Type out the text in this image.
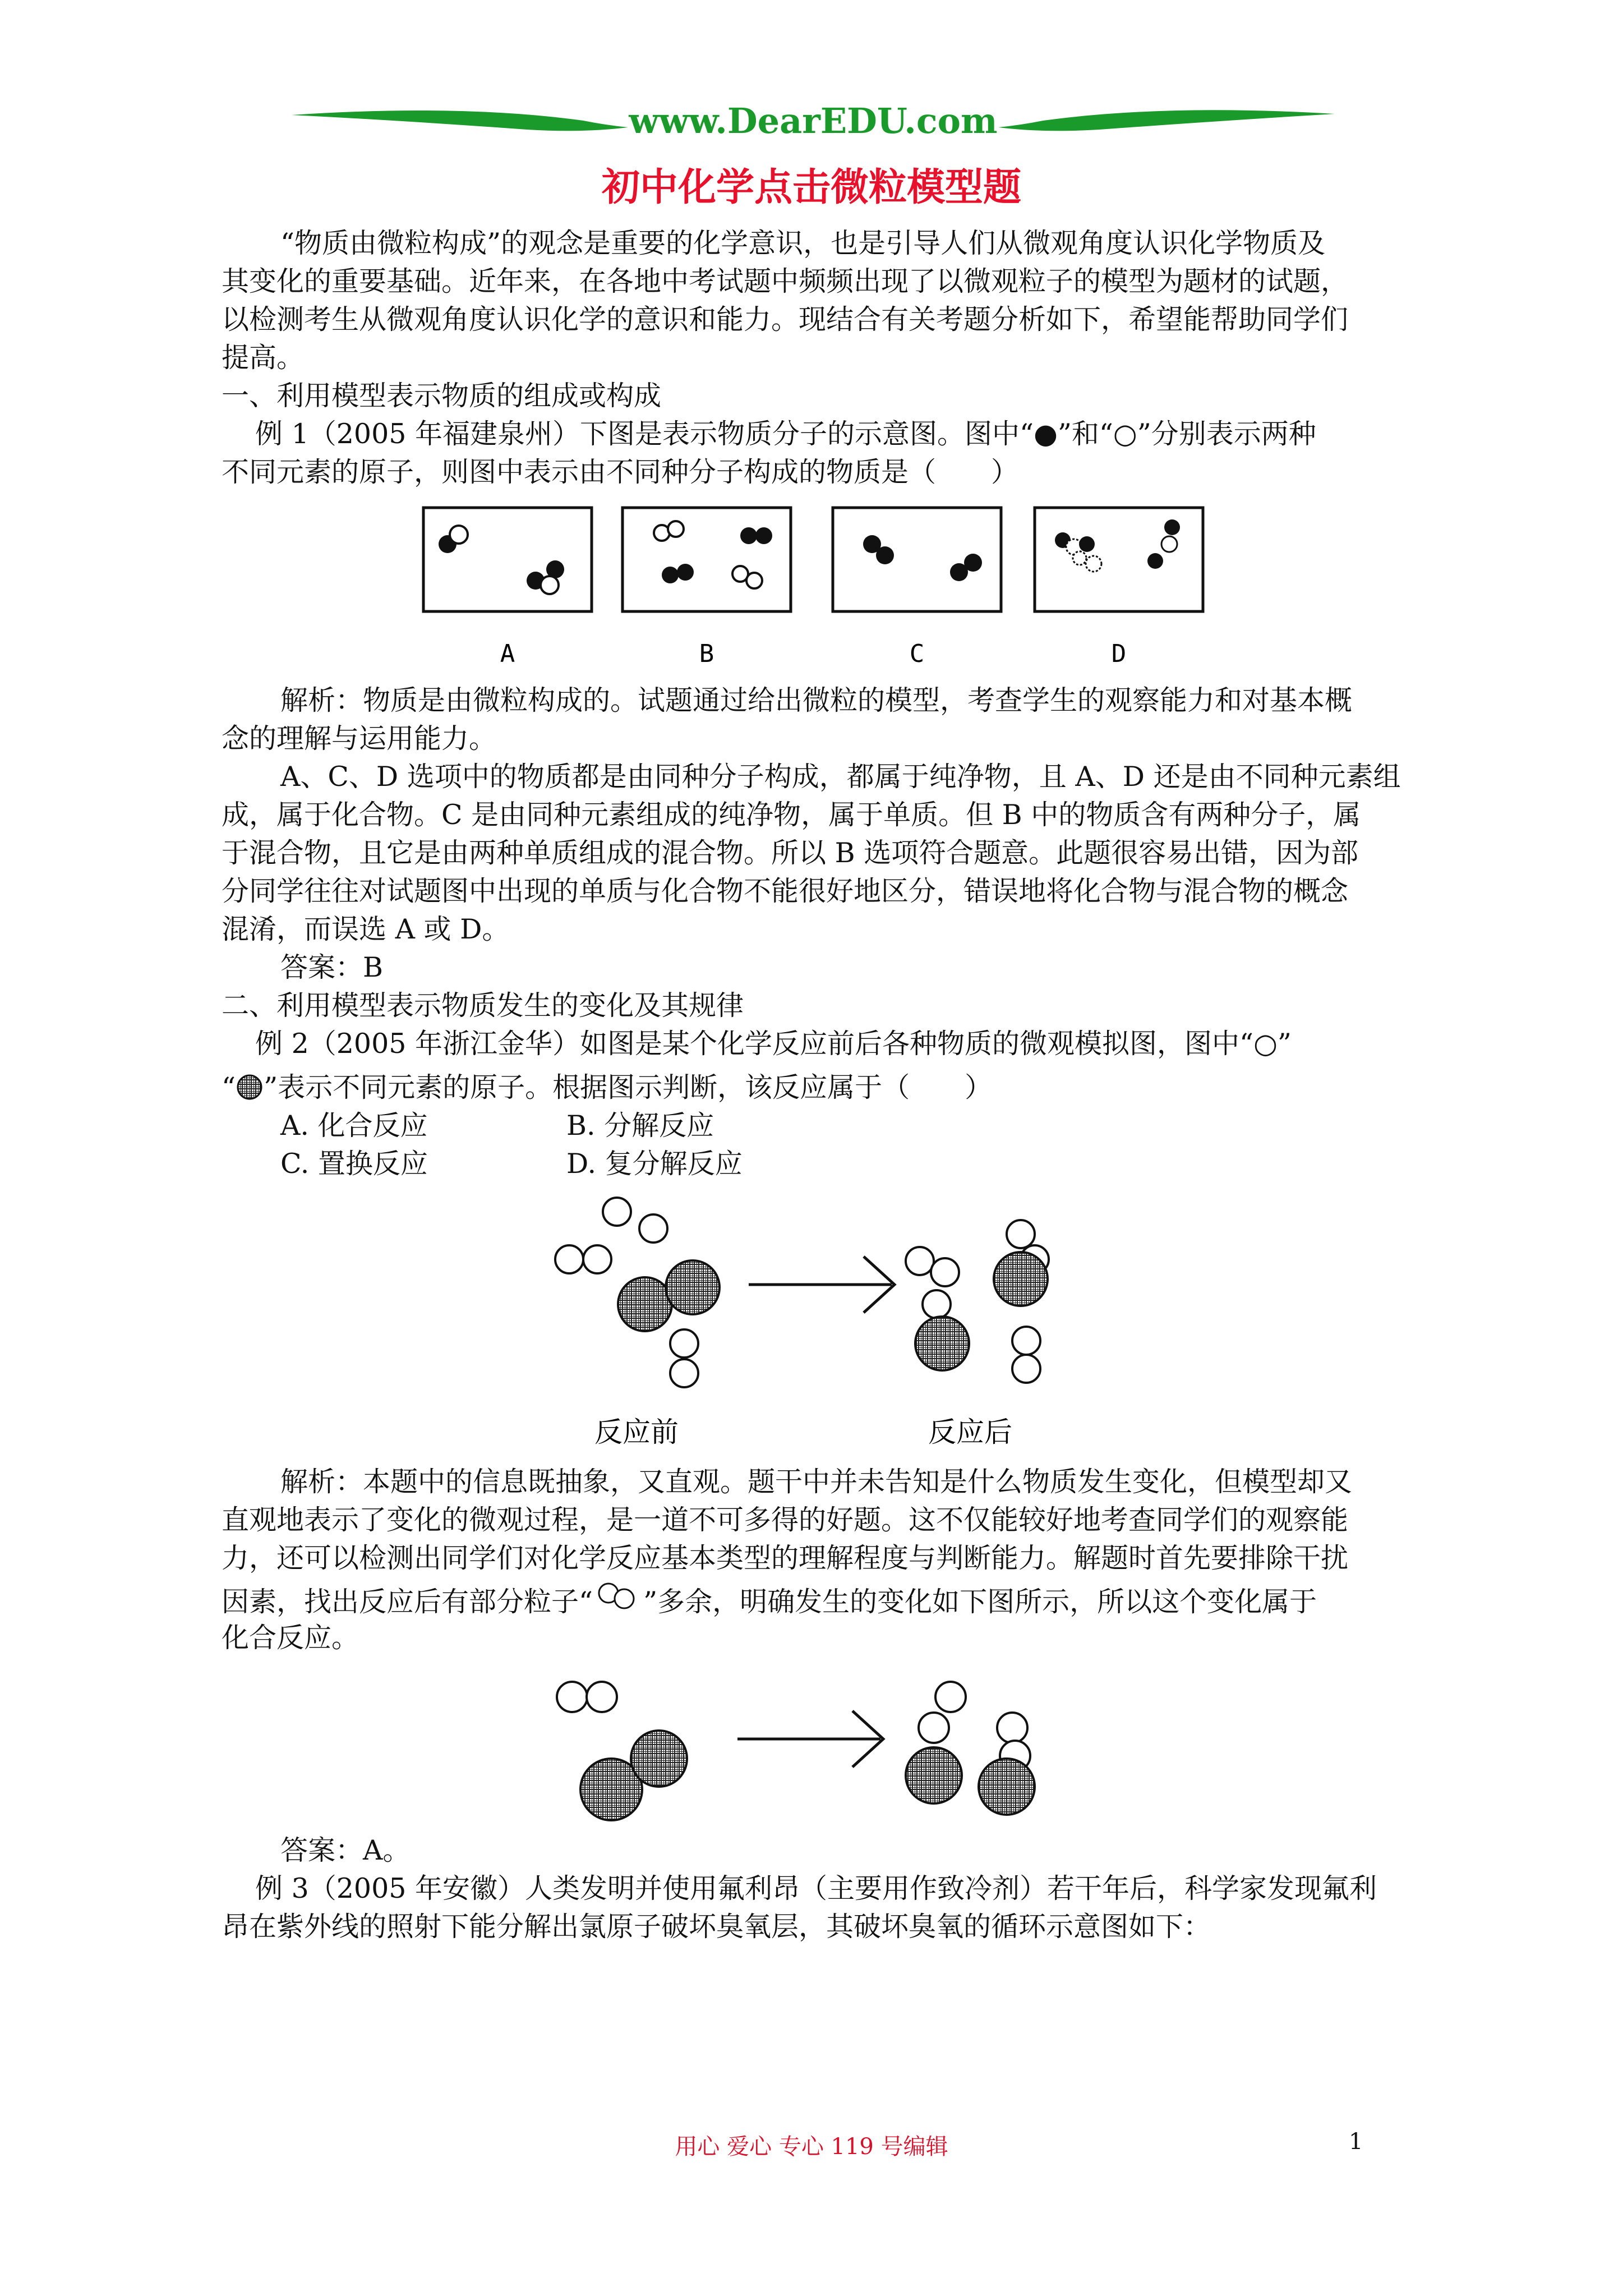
www.DearEDU.com
初中化学点击微粒模型题
“物质由微粒构成”的观念是重要的化学意识，也是引导人们从微观角度认识化学物质及
其变化的重要基础。近年来，在各地中考试题中频频出现了以微观粒子的模型为题材的试题，
以检测考生从微观角度认识化学的意识和能力。现结合有关考题分析如下，希望能帮助同学们
提高。
一、利用模型表示物质的组成或构成
例 1（2005 年福建泉州）下图是表示物质分子的示意图。图中“●”和“○”分别表示两种
不同元素的原子，则图中表示由不同种分子构成的物质是（　　）
A	B	C	D
解析：物质是由微粒构成的。试题通过给出微粒的模型，考查学生的观察能力和对基本概
念的理解与运用能力。
A、C、D 选项中的物质都是由同种分子构成，都属于纯净物，且 A、D 还是由不同种元素组
成，属于化合物。C 是由同种元素组成的纯净物，属于单质。但 B 中的物质含有两种分子，属
于混合物，且它是由两种单质组成的混合物。所以 B 选项符合题意。此题很容易出错，因为部
分同学往往对试题图中出现的单质与化合物不能很好地区分，错误地将化合物与混合物的概念
混淆，而误选 A 或 D。
答案：B
二、利用模型表示物质发生的变化及其规律
例 2（2005 年浙江金华）如图是某个化学反应前后各种物质的微观模拟图，图中“○”
“ ”表示不同元素的原子。根据图示判断，该反应属于（　　）
A. 化合反应	B. 分解反应
C. 置换反应	D. 复分解反应
反应前	反应后
解析：本题中的信息既抽象，又直观。题干中并未告知是什么物质发生变化，但模型却又
直观地表示了变化的微观过程，是一道不可多得的好题。这不仅能较好地考查同学们的观察能
力，还可以检测出同学们对化学反应基本类型的理解程度与判断能力。解题时首先要排除干扰
因素，找出反应后有部分粒子“ ”多余，明确发生的变化如下图所示，所以这个变化属于
化合反应。
答案：A。
例 3（2005 年安徽）人类发明并使用氟利昂（主要用作致冷剂）若干年后，科学家发现氟利
昂在紫外线的照射下能分解出氯原子破坏臭氧层，其破坏臭氧的循环示意图如下：
用心 爱心 专心 119 号编辑	1
